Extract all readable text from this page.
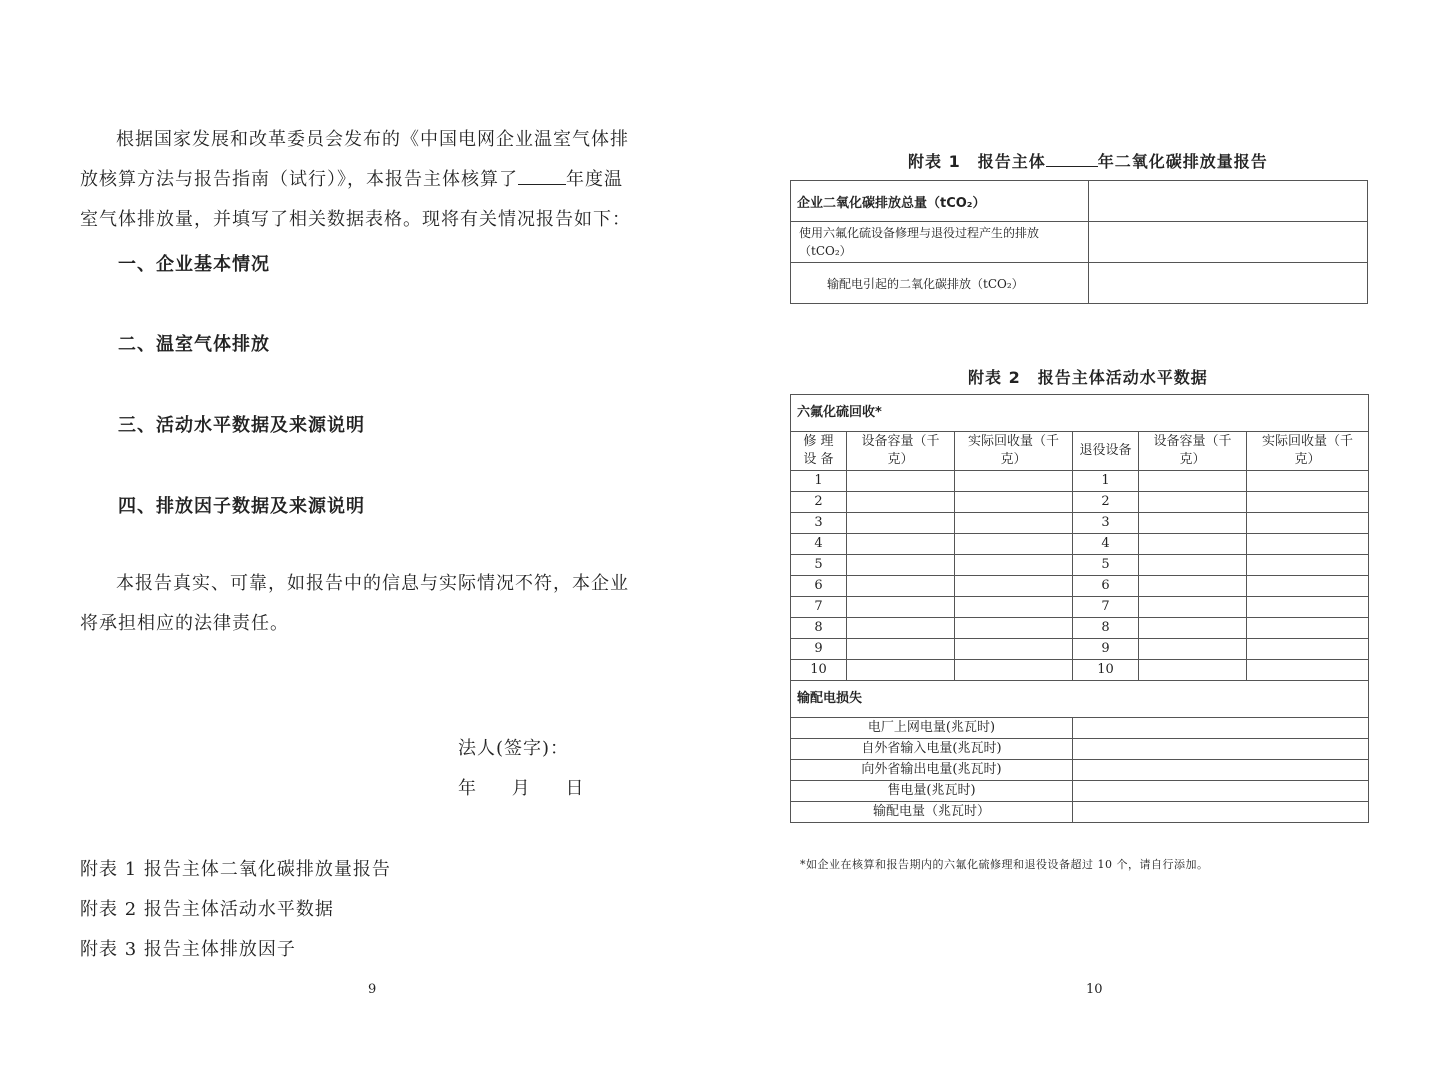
根据国家发展和改革委员会发布的《中国电网企业温室气体排
放核算方法与报告指南（试行）》，本报告主体核算了	年度温
室气体排放量，并填写了相关数据表格。现将有关情况报告如下：
一、企业基本情况
二、温室气体排放
三、活动水平数据及来源说明
四、排放因子数据及来源说明
本报告真实、可靠，如报告中的信息与实际情况不符，本企业
将承担相应的法律责任。
法人(签字)：
年 月 日
附表 1 报告主体二氧化碳排放量报告
附表 2 报告主体活动水平数据
附表 3 报告主体排放因子
9
附表 1　报告主体	年二氧化碳排放量报告
企业二氧化碳排放总量（tCO₂）	
使用六氟化硫设备修理与退役过程产生的排放（tCO₂）	
输配电引起的二氧化碳排放（tCO₂）	
附表 2　报告主体活动水平数据
六氟化硫回收*					
修 理 设 备	设备容量（千克）	实际回收量（千克）	退役设备	设备容量（千克）	实际回收量（千克）
1			1		
2			2		
3			3		
4			4		
5			5		
6			6		
7			7		
8			8		
9			9		
10			10		
输配电损失					
电厂上网电量(兆瓦时)					
自外省输入电量(兆瓦时)					
向外省输出电量(兆瓦时)					
售电量(兆瓦时)					
输配电量（兆瓦时）					
*如企业在核算和报告期内的六氟化硫修理和退役设备超过 10 个，请自行添加。
10
